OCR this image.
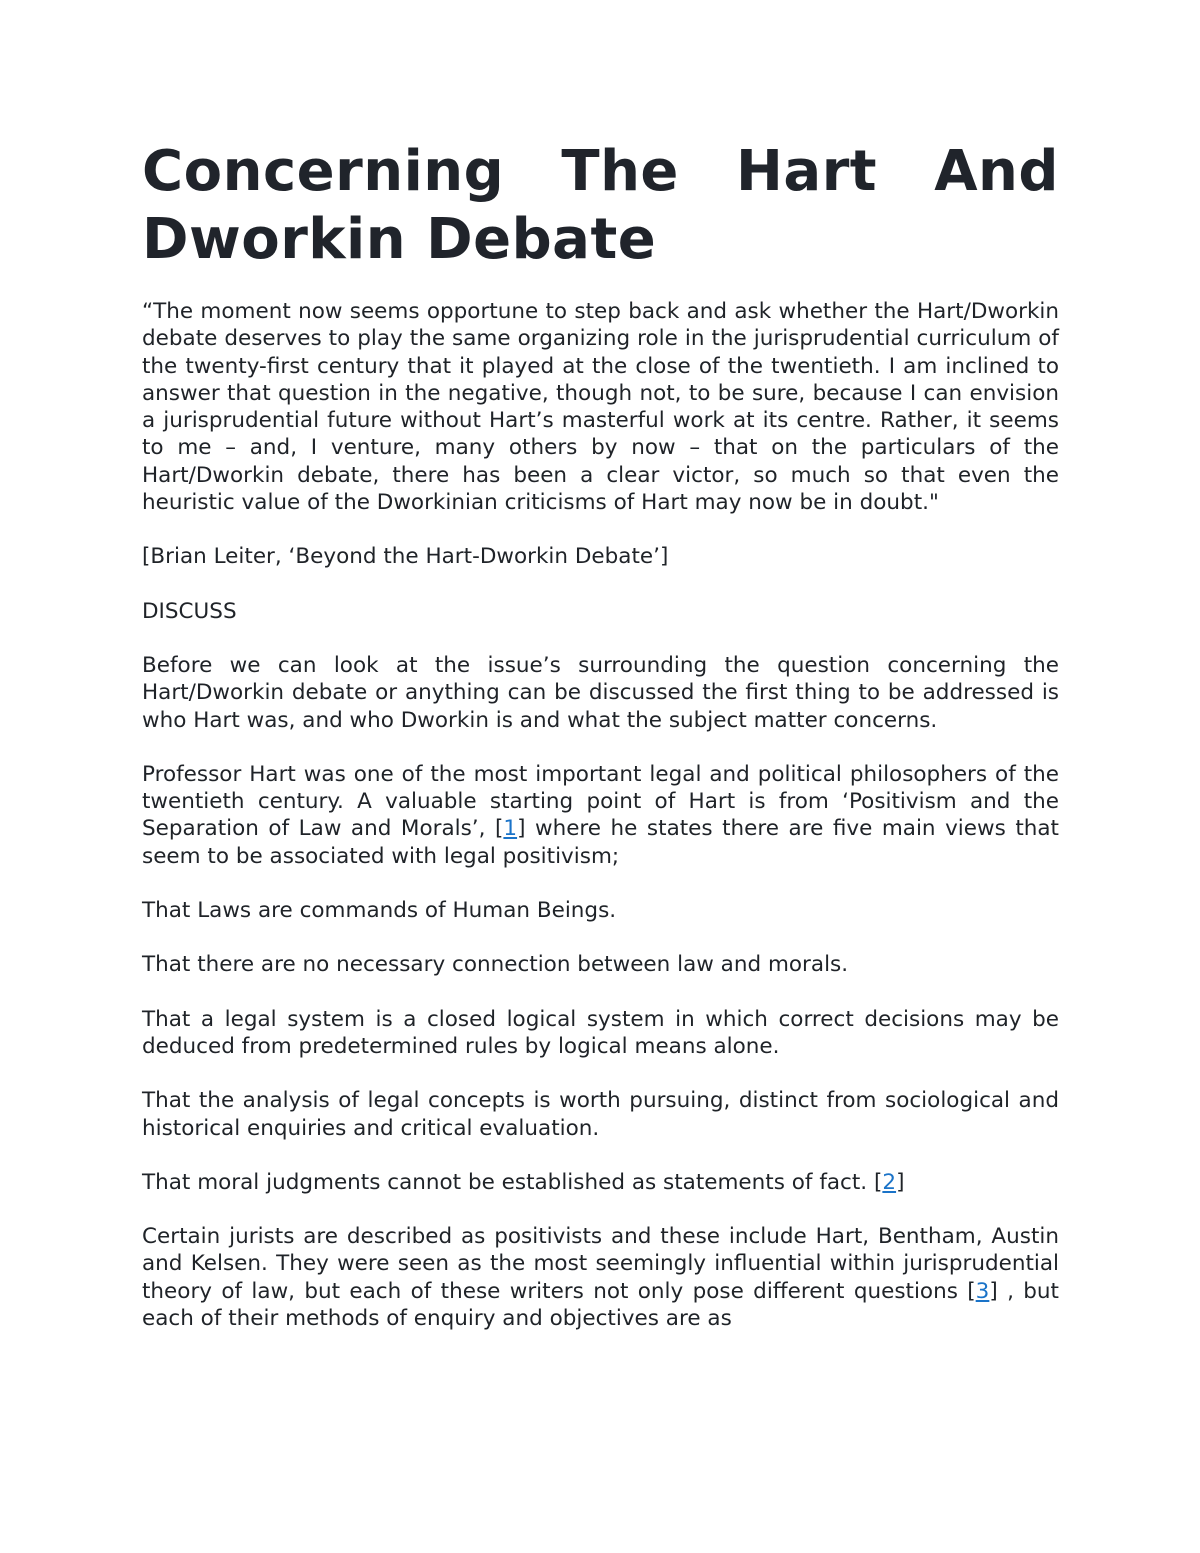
Concerning The Hart And Dworkin Debate

“The moment now seems opportune to step back and ask whether the Hart/Dworkin debate deserves to play the same organizing role in the jurisprudential curriculum of the twenty-first century that it played at the close of the twentieth. I am inclined to answer that question in the negative, though not, to be sure, because I can envision a jurisprudential future without Hart’s masterful work at its centre. Rather, it seems to me – and, I venture, many others by now – that on the particulars of the Hart/Dworkin debate, there has been a clear victor, so much so that even the heuristic value of the Dworkinian criticisms of Hart may now be in doubt."

[Brian Leiter, ‘Beyond the Hart-Dworkin Debate’]

DISCUSS

Before we can look at the issue’s surrounding the question concerning the Hart/Dworkin debate or anything can be discussed the first thing to be addressed is who Hart was, and who Dworkin is and what the subject matter concerns.

Professor Hart was one of the most important legal and political philosophers of the twentieth century. A valuable starting point of Hart is from ‘Positivism and the Separation of Law and Morals’, [1] where he states there are five main views that seem to be associated with legal positivism;

That Laws are commands of Human Beings.

That there are no necessary connection between law and morals.

That a legal system is a closed logical system in which correct decisions may be deduced from predetermined rules by logical means alone.

That the analysis of legal concepts is worth pursuing, distinct from sociological and historical enquiries and critical evaluation.

That moral judgments cannot be established as statements of fact. [2]

Certain jurists are described as positivists and these include Hart, Bentham, Austin and Kelsen. They were seen as the most seemingly influential within jurisprudential theory of law, but each of these writers not only pose different questions [3] , but each of their methods of enquiry and objectives are as
